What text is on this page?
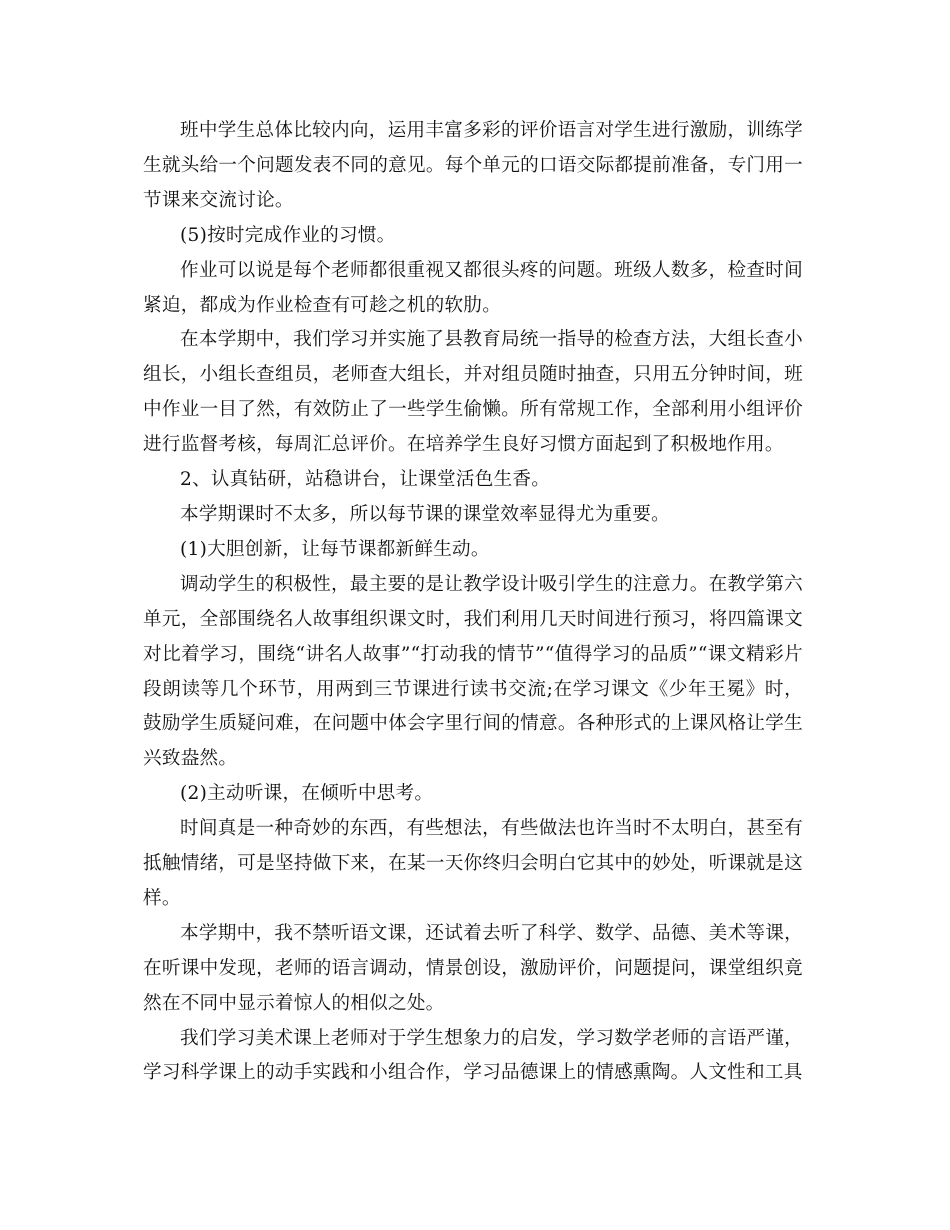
班中学生总体比较内向，运用丰富多彩的评价语言对学生进行激励，训练学生就头给一个问题发表不同的意见。每个单元的口语交际都提前准备，专门用一节课来交流讨论。

(5)按时完成作业的习惯。

作业可以说是每个老师都很重视又都很头疼的问题。班级人数多，检查时间紧迫，都成为作业检查有可趁之机的软肋。

在本学期中，我们学习并实施了县教育局统一指导的检查方法，大组长查小组长，小组长查组员，老师查大组长，并对组员随时抽查，只用五分钟时间，班中作业一目了然，有效防止了一些学生偷懒。所有常规工作，全部利用小组评价进行监督考核，每周汇总评价。在培养学生良好习惯方面起到了积极地作用。

2、认真钻研，站稳讲台，让课堂活色生香。

本学期课时不太多，所以每节课的课堂效率显得尤为重要。

(1)大胆创新，让每节课都新鲜生动。

调动学生的积极性，最主要的是让教学设计吸引学生的注意力。在教学第六单元，全部围绕名人故事组织课文时，我们利用几天时间进行预习，将四篇课文对比着学习，围绕“讲名人故事”“打动我的情节”“值得学习的品质”“课文精彩片段朗读等几个环节，用两到三节课进行读书交流;在学习课文《少年王冕》时，鼓励学生质疑问难，在问题中体会字里行间的情意。各种形式的上课风格让学生兴致盎然。

(2)主动听课，在倾听中思考。

时间真是一种奇妙的东西，有些想法，有些做法也许当时不太明白，甚至有抵触情绪，可是坚持做下来，在某一天你终归会明白它其中的妙处，听课就是这样。

本学期中，我不禁听语文课，还试着去听了科学、数学、品德、美术等课，在听课中发现，老师的语言调动，情景创设，激励评价，问题提问，课堂组织竟然在不同中显示着惊人的相似之处。

我们学习美术课上老师对于学生想象力的启发，学习数学老师的言语严谨，学习科学课上的动手实践和小组合作，学习品德课上的情感熏陶。人文性和工具
